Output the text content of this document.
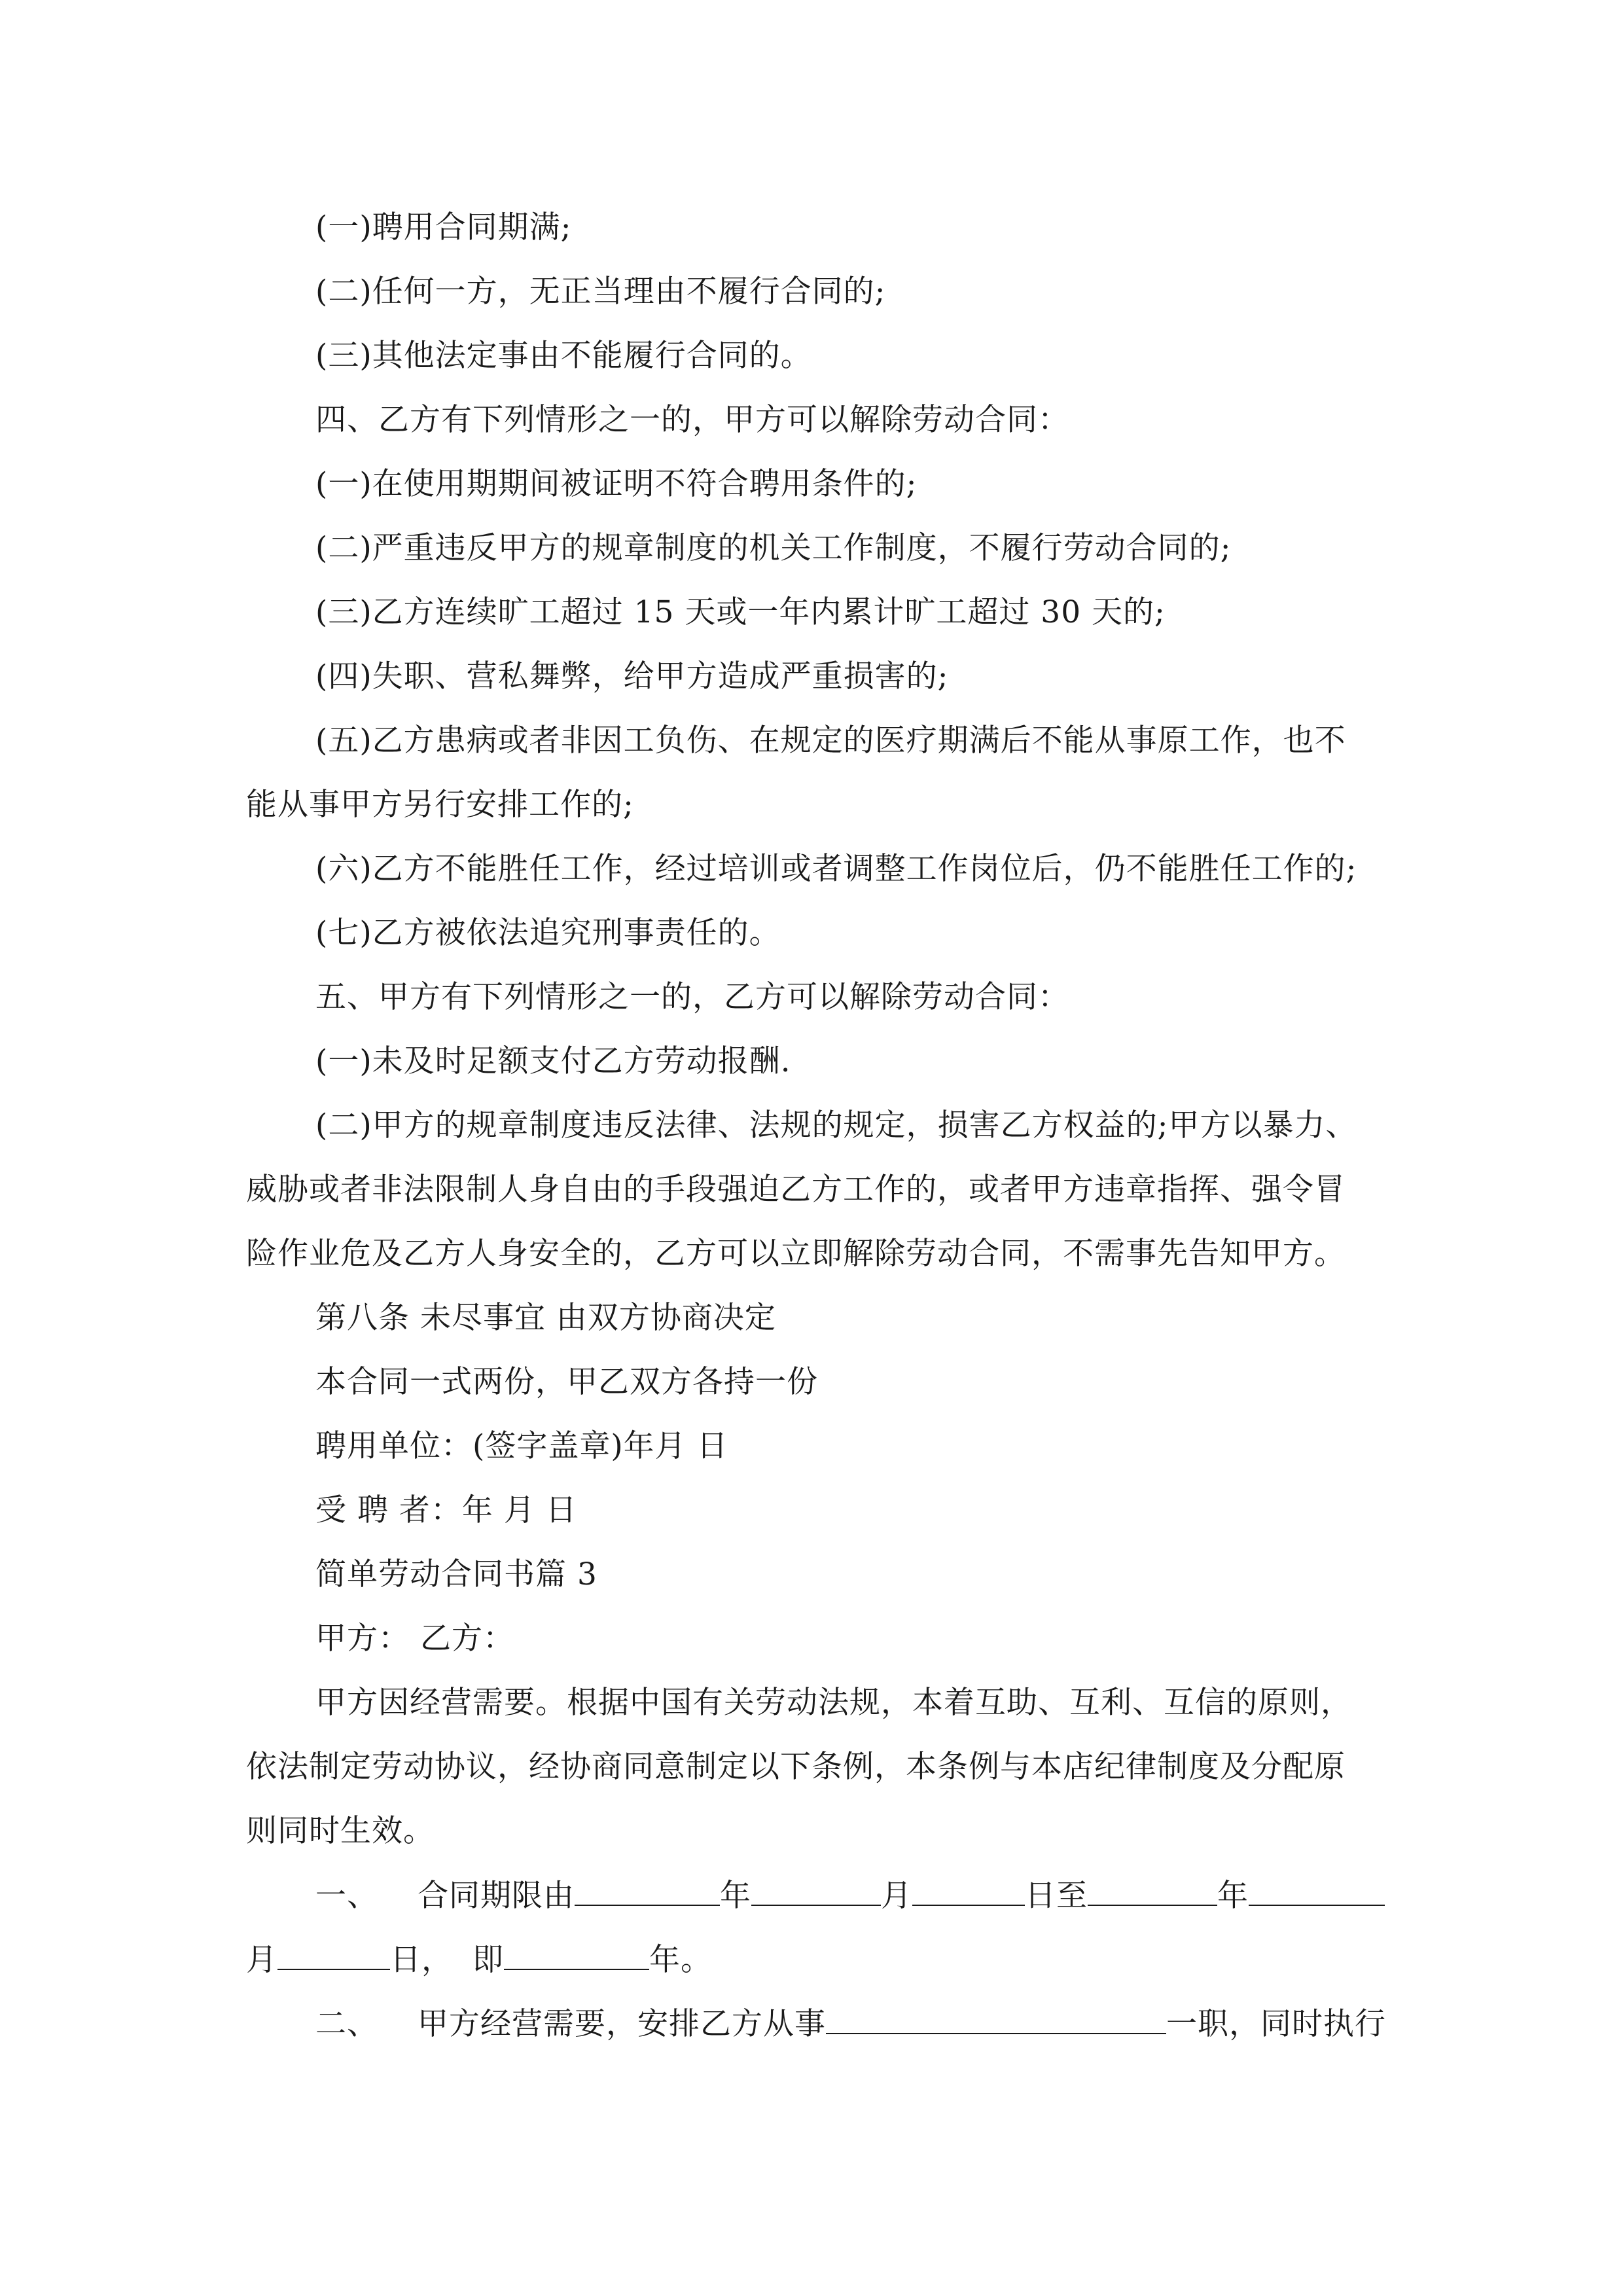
(一)聘用合同期满;
(二)任何一方，无正当理由不履行合同的;
(三)其他法定事由不能履行合同的。
四、乙方有下列情形之一的，甲方可以解除劳动合同：
(一)在使用期期间被证明不符合聘用条件的;
(二)严重违反甲方的规章制度的机关工作制度，不履行劳动合同的;
(三)乙方连续旷工超过 15 天或一年内累计旷工超过 30 天的;
(四)失职、营私舞弊，给甲方造成严重损害的;
(五)乙方患病或者非因工负伤、在规定的医疗期满后不能从事原工作，也不
能从事甲方另行安排工作的;
(六)乙方不能胜任工作，经过培训或者调整工作岗位后，仍不能胜任工作的;
(七)乙方被依法追究刑事责任的。
五、甲方有下列情形之一的，乙方可以解除劳动合同：
(一)未及时足额支付乙方劳动报酬.
(二)甲方的规章制度违反法律、法规的规定，损害乙方权益的;甲方以暴力、
威胁或者非法限制人身自由的手段强迫乙方工作的，或者甲方违章指挥、强令冒
险作业危及乙方人身安全的，乙方可以立即解除劳动合同，不需事先告知甲方。
第八条 未尽事宜 由双方协商决定
本合同一式两份，甲乙双方各持一份
聘用单位：(签字盖章)年月 日
受 聘 者：年 月 日
简单劳动合同书篇 3
甲方： 乙方：
甲方因经营需要。根据中国有关劳动法规，本着互助、互利、互信的原则，
依法制定劳动协议，经协商同意制定以下条例，本条例与本店纪律制度及分配原
则同时生效。
一、 合同期限由	年	月	日至	年
月	日， 即	年。
二、 甲方经营需要，安排乙方从事	一职，同时执行
